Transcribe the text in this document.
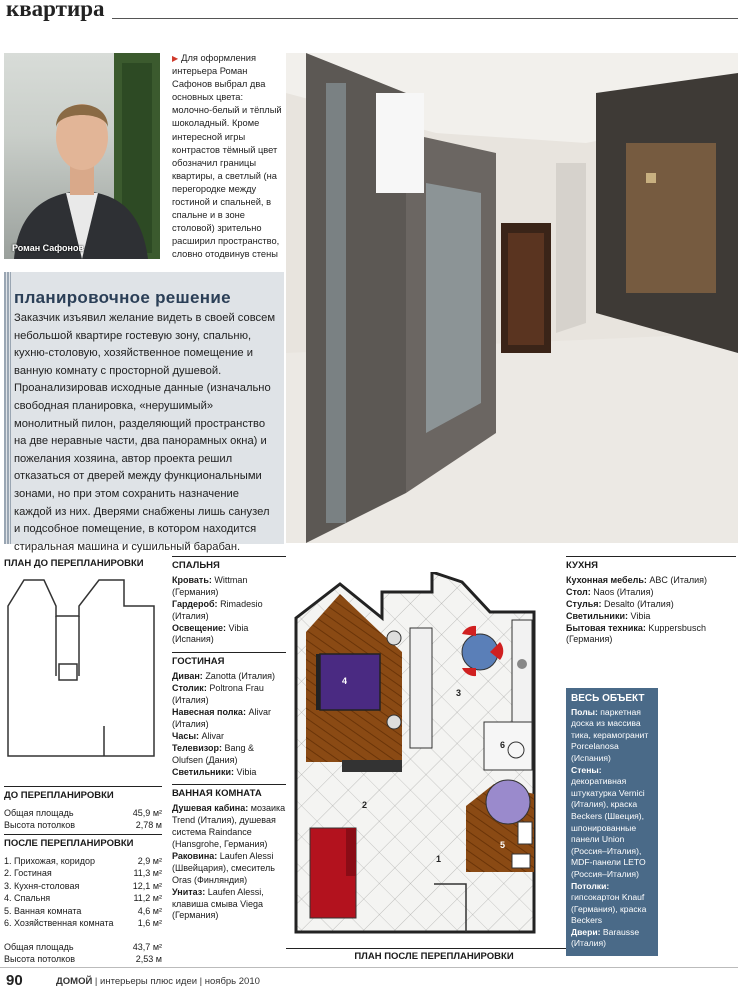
квартира
Роман Сафонов
▶ Для оформления интерьера Роман Сафонов выбрал два основных цвета: молочно-белый и тёплый шоколадный. Кроме интересной игры контрастов тёмный цвет обозначил границы квартиры, а светлый (на перегородке между гостиной и спальней, в спальне и в зоне столовой) зрительно расширил пространство, словно отодвинув стены
планировочное решение
Заказчик изъявил желание видеть в своей совсем небольшой квартире гостевую зону, спальню, кухню-столовую, хозяйственное помещение и ванную комнату с просторной душевой. Проанализировав исходные данные (изначально свободная планировка, «нерушимый» монолитный пилон, разделяющий пространство на две неравные части, два панорамных окна) и пожелания хозяина, автор проекта решил отказаться от дверей между функциональными зонами, но при этом сохранить назначение каждой из них. Дверями снабжены лишь санузел и подсобное помещение, в котором находится стиральная машина и сушильный барабан.
ПЛАН ДО ПЕРЕПЛАНИРОВКИ
ДО ПЕРЕПЛАНИРОВКИ
Общая площадь	45,9 м²
Высота потолков	2,78 м
ПОСЛЕ ПЕРЕПЛАНИРОВКИ
1. Прихожая, коридор	2,9 м²
2. Гостиная	11,3 м²
3. Кухня-столовая	12,1 м²
4. Спальня	11,2 м²
5. Ванная комната	4,6 м²
6. Хозяйственная комната	1,6 м²
Общая площадь	43,7 м²
Высота потолков	2,53 м
СПАЛЬНЯ
Кровать: Wittman (Германия)
Гардероб: Rimadesio (Италия)
Освещение: Vibia (Испания)
ГОСТИНАЯ
Диван: Zanotta (Италия)
Столик: Poltrona Frau (Италия)
Навесная полка: Alivar (Италия)
Часы: Alivar
Телевизор: Bang & Olufsen (Дания)
Светильники: Vibia
ВАННАЯ КОМНАТА
Душевая кабина: мозаика Trend (Италия), душевая система Raindance (Hansgrohe, Германия)
Раковина: Laufen Alessi (Швейцария), смеситель Oras (Финляндия)
Унитаз: Laufen Alessi, клавиша смыва Viega (Германия)
4
3
6
5
2
1
ПЛАН ПОСЛЕ ПЕРЕПЛАНИРОВКИ
КУХНЯ
Кухонная мебель: ABC (Италия)
Стол: Naos (Италия)
Стулья: Desalto (Италия)
Светильники: Vibia
Бытовая техника: Kuppersbusch (Германия)
ВЕСЬ ОБЪЕКТ
Полы: паркетная доска из массива тика, керамогранит Porcelanosa (Испания)
Стены: декоративная штукатурка Vernici (Италия), краска Beckers (Швеция), шпонированные панели Union (Россия–Италия), MDF-панели LETO (Россия–Италия)
Потолки: гипсокартон Knauf (Германия), краска Beckers
Двери: Barausse (Италия)
90	ДОМОЙ | интерьеры плюс идеи | ноябрь 2010
